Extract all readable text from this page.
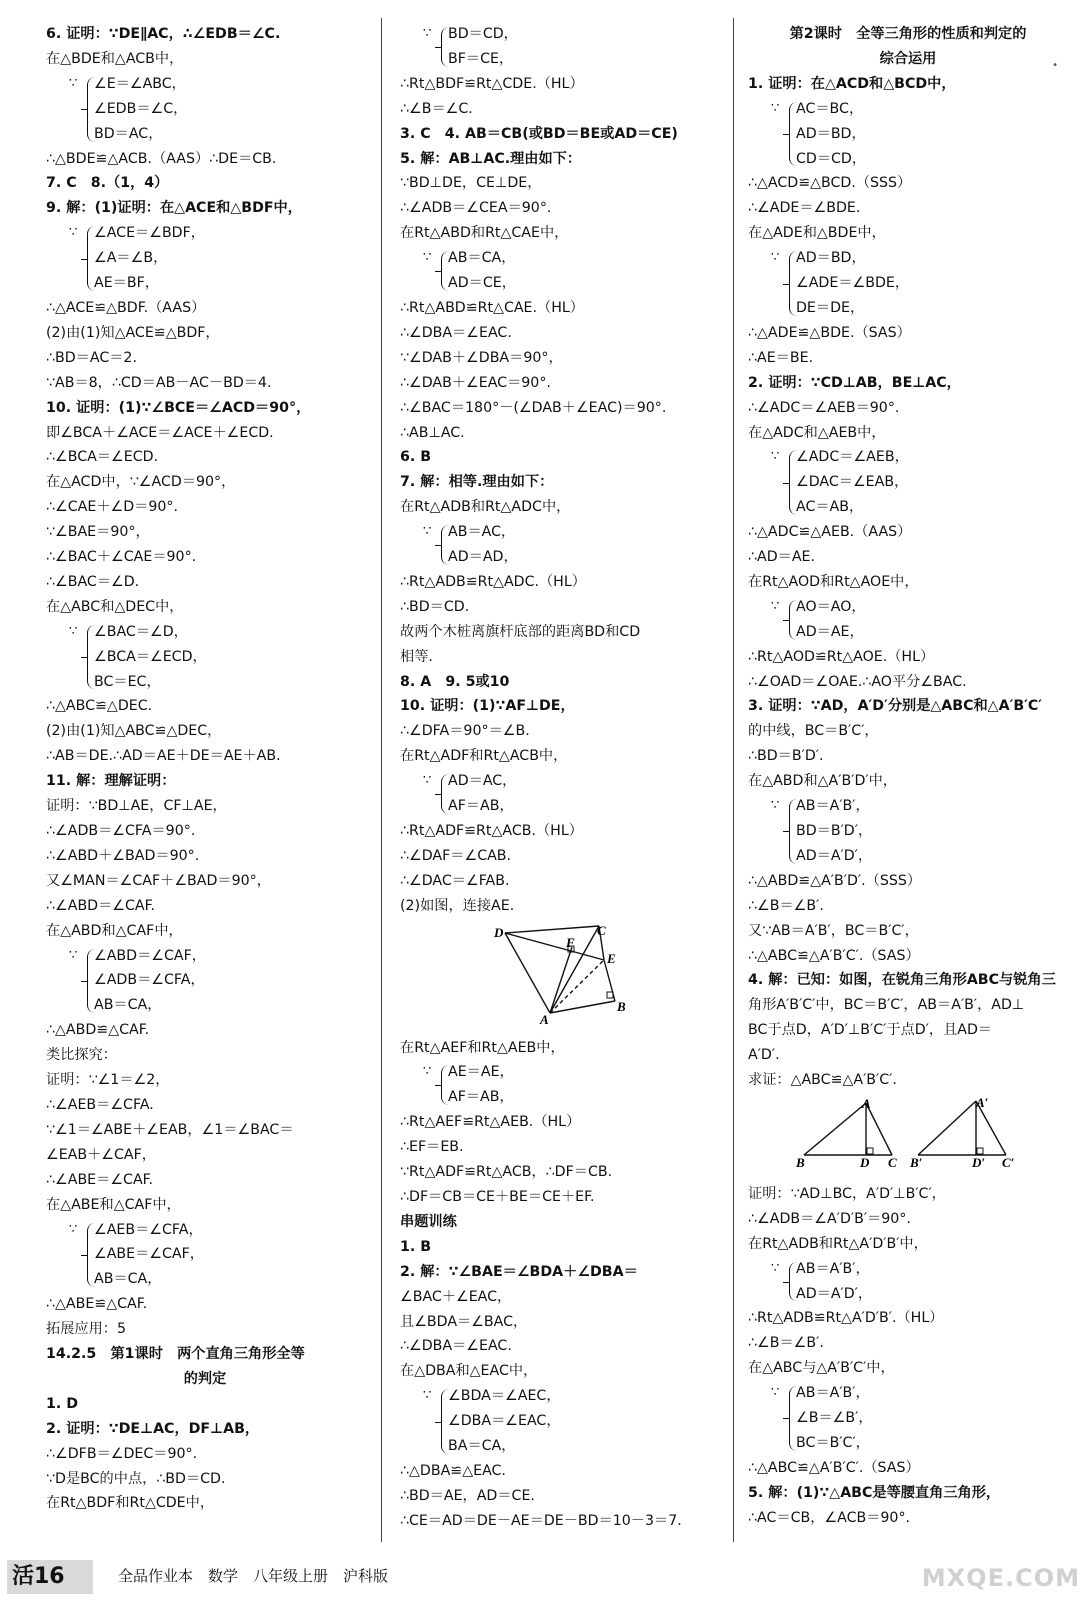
6. 证明：∵DE∥AC，∴∠EDB＝∠C.
在△BDE和△ACB中，
∵ ∠E＝∠ABC，
∠EDB＝∠C，
BD＝AC，
∴△BDE≌△ACB.（AAS）∴DE＝CB.
7. C　8.（1，4）
9. 解：(1)证明：在△ACE和△BDF中，
∵ ∠ACE＝∠BDF，
∠A＝∠B，
AE＝BF，
∴△ACE≌△BDF.（AAS）
(2)由(1)知△ACE≌△BDF，
∴BD＝AC＝2.
∵AB＝8，∴CD＝AB－AC－BD＝4.
10. 证明：(1)∵∠BCE＝∠ACD＝90°，
即∠BCA＋∠ACE＝∠ACE＋∠ECD.
∴∠BCA＝∠ECD.
在△ACD中，∵∠ACD＝90°，
∴∠CAE＋∠D＝90°.
∵∠BAE＝90°，
∴∠BAC＋∠CAE＝90°.
∴∠BAC＝∠D.
在△ABC和△DEC中，
∵ ∠BAC＝∠D，
∠BCA＝∠ECD，
BC＝EC，
∴△ABC≌△DEC.
(2)由(1)知△ABC≌△DEC，
∴AB＝DE.∴AD＝AE＋DE＝AE＋AB.
11. 解：理解证明：
证明：∵BD⊥AE，CF⊥AE，
∴∠ADB＝∠CFA＝90°.
∴∠ABD＋∠BAD＝90°.
又∠MAN＝∠CAF＋∠BAD＝90°，
∴∠ABD＝∠CAF.
在△ABD和△CAF中，
∵ ∠ABD＝∠CAF，
∠ADB＝∠CFA，
AB＝CA，
∴△ABD≌△CAF.
类比探究：
证明：∵∠1＝∠2，
∴∠AEB＝∠CFA.
∵∠1＝∠ABE＋∠EAB，∠1＝∠BAC＝
∠EAB＋∠CAF，
∴∠ABE＝∠CAF.
在△ABE和△CAF中，
∵ ∠AEB＝∠CFA，
∠ABE＝∠CAF，
AB＝CA，
∴△ABE≌△CAF.
拓展应用：5
14.2.5　第1课时　两个直角三角形全等
的判定
1. D
2. 证明：∵DE⊥AC，DF⊥AB，
∴∠DFB＝∠DEC＝90°.
∵D是BC的中点，∴BD＝CD.
在Rt△BDF和Rt△CDE中，
∵ BD＝CD，
BF＝CE，
∴Rt△BDF≌Rt△CDE.（HL）
∴∠B＝∠C.
3. C　4. AB＝CB(或BD＝BE或AD＝CE)
5. 解：AB⊥AC.理由如下：
∵BD⊥DE，CE⊥DE，
∴∠ADB＝∠CEA＝90°.
在Rt△ABD和Rt△CAE中，
∵ AB＝CA，
AD＝CE，
∴Rt△ABD≌Rt△CAE.（HL）
∴∠DBA＝∠EAC.
∵∠DAB＋∠DBA＝90°，
∴∠DAB＋∠EAC＝90°.
∴∠BAC＝180°－(∠DAB＋∠EAC)＝90°.
∴AB⊥AC.
6. B
7. 解：相等.理由如下：
在Rt△ADB和Rt△ADC中，
∵ AB＝AC，
AD＝AD，
∴Rt△ADB≌Rt△ADC.（HL）
∴BD＝CD.
故两个木桩离旗杆底部的距离BD和CD
相等.
8. A　9. 5或10
10. 证明：(1)∵AF⊥DE，
∴∠DFA＝90°＝∠B.
在Rt△ADF和Rt△ACB中，
∵ AD＝AC，
AF＝AB，
∴Rt△ADF≌Rt△ACB.（HL）
∴∠DAF＝∠CAB.
∴∠DAC＝∠FAB.
(2)如图，连接AE.
D
F
C
E
B
A
在Rt△AEF和Rt△AEB中，
∵ AE＝AE，
AF＝AB，
∴Rt△AEF≌Rt△AEB.（HL）
∴EF＝EB.
∵Rt△ADF≌Rt△ACB，∴DF＝CB.
∴DF＝CB＝CE＋BE＝CE＋EF.
串题训练
1. B
2. 解：∵∠BAE＝∠BDA＋∠DBA＝
∠BAC＋∠EAC，
且∠BDA＝∠BAC，
∴∠DBA＝∠EAC.
在△DBA和△EAC中，
∵ ∠BDA＝∠AEC，
∠DBA＝∠EAC，
BA＝CA，
∴△DBA≌△EAC.
∴BD＝AE，AD＝CE.
∴CE＝AD＝DE－AE＝DE－BD＝10－3＝7.
第2课时　全等三角形的性质和判定的
综合运用
1. 证明：在△ACD和△BCD中，
∵ AC＝BC，
AD＝BD，
CD＝CD，
∴△ACD≌△BCD.（SSS）
∴∠ADE＝∠BDE.
在△ADE和△BDE中，
∵ AD＝BD，
∠ADE＝∠BDE，
DE＝DE，
∴△ADE≌△BDE.（SAS）
∴AE＝BE.
2. 证明：∵CD⊥AB，BE⊥AC，
∴∠ADC＝∠AEB＝90°.
在△ADC和△AEB中，
∵ ∠ADC＝∠AEB，
∠DAC＝∠EAB，
AC＝AB，
∴△ADC≌△AEB.（AAS）
∴AD＝AE.
在Rt△AOD和Rt△AOE中，
∵ AO＝AO，
AD＝AE，
∴Rt△AOD≌Rt△AOE.（HL）
∴∠OAD＝∠OAE.∴AO平分∠BAC.
3. 证明：∵AD，A′D′分别是△ABC和△A′B′C′
的中线，BC＝B′C′，
∴BD＝B′D′.
在△ABD和△A′B′D′中，
∵ AB＝A′B′，
BD＝B′D′，
AD＝A′D′，
∴△ABD≌△A′B′D′.（SSS）
∴∠B＝∠B′.
又∵AB＝A′B′，BC＝B′C′，
∴△ABC≌△A′B′C′.（SAS）
4. 解：已知：如图，在锐角三角形ABC与锐角三
角形A′B′C′中，BC＝B′C′，AB＝A′B′，AD⊥
BC于点D，A′D′⊥B′C′于点D′，且AD＝
A′D′.
求证：△ABC≌△A′B′C′.
A
B	D C
A′
B′	D′ C′
证明：∵AD⊥BC，A′D′⊥B′C′，
∴∠ADB＝∠A′D′B′＝90°.
在Rt△ADB和Rt△A′D′B′中，
∵ AB＝A′B′，
AD＝A′D′，
∴Rt△ADB≌Rt△A′D′B′.（HL）
∴∠B＝∠B′.
在△ABC与△A′B′C′中，
∵ AB＝A′B′，
∠B＝∠B′，
BC＝B′C′，
∴△ABC≌△A′B′C′.（SAS）
5. 解：(1)∵△ABC是等腰直角三角形，
∴AC＝CB，∠ACB＝90°.
•
活16	全品作业本　数学　八年级上册　沪科版	MXQE.COM
